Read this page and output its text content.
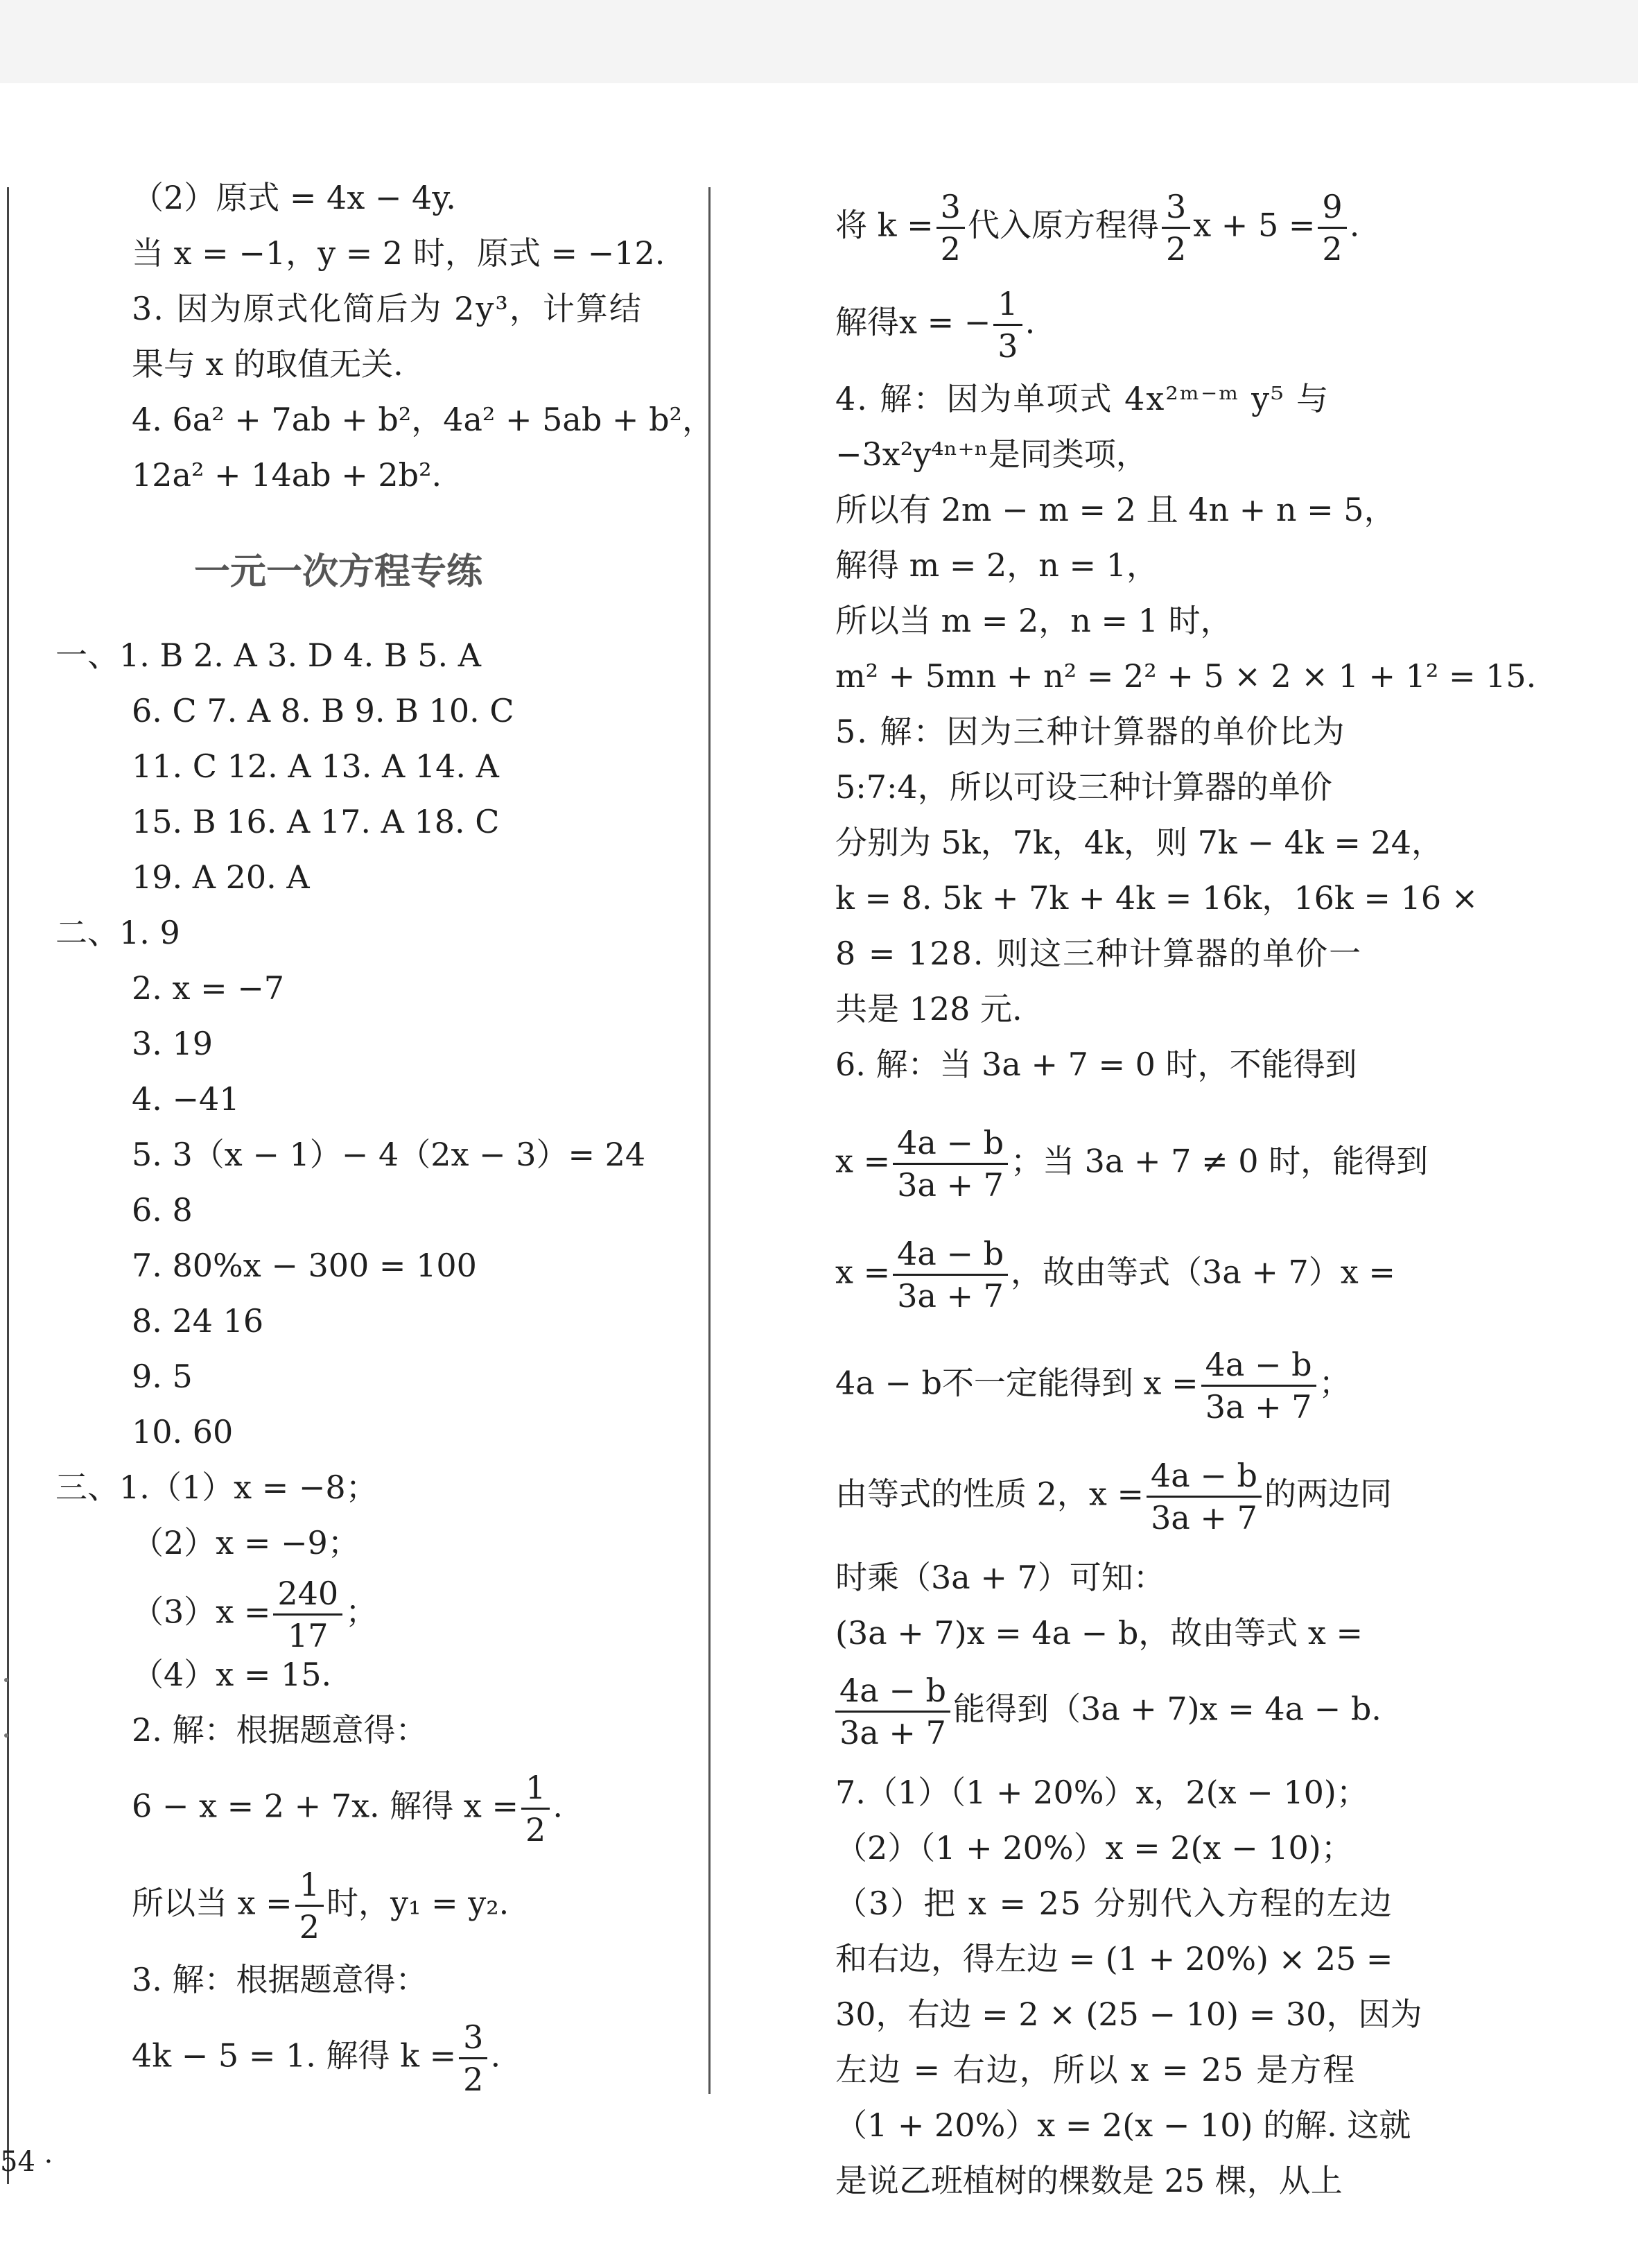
（2）原式 = 4x − 4y.
当 x = −1，y = 2 时，原式 = −12.
3. 因为原式化简后为 2y³，计算结
果与 x 的取值无关.
4. 6a² + 7ab + b²，4a² + 5ab + b²，
12a² + 14ab + 2b².
一元一次方程专练
一、1. B 2. A 3. D 4. B 5. A
6. C 7. A 8. B 9. B 10. C
11. C 12. A 13. A 14. A
15. B 16. A 17. A 18. C
19. A 20. A
二、1. 9
2. x = −7
3. 19
4. −41
5. 3（x − 1）− 4（2x − 3）= 24
6. 8
7. 80%x − 300 = 100
8. 24 16
9. 5
10. 60
三、1.（1）x = −8；
（2）x = −9；
$(3)x = \frac{240}{17}$ ；
（4）x = 15.
2. 解：根据题意得：
6 − x = 2 + 7x. 解得 $x = \frac{1}{2}$ .
所以当 $x = \frac{1}{2}$ 时，y₁ = y₂.
3. 解：根据题意得：
4k − 5 = 1. 解得 $k = \frac{3}{2}$ .
将 $k = \frac{3}{2}$ 代入原方程得 $\frac{3}{2}$ $x + 5 = \frac{9}{2}$ .
解得x = − $\frac{1}{3}$ .
4. 解：因为单项式 4x²ᵐ⁻ᵐ y⁵ 与
−3x²y⁴ⁿ⁺ⁿ是同类项，
所以有 2m − m = 2 且 4n + n = 5，
解得 m = 2，n = 1，
所以当 m = 2，n = 1 时，
m² + 5mn + n² = 2² + 5 × 2 × 1 + 1² = 15.
5. 解：因为三种计算器的单价比为
5:7:4，所以可设三种计算器的单价
分别为 5k，7k，4k，则 7k − 4k = 24，
k = 8. 5k + 7k + 4k = 16k，16k = 16 ×
8 = 128. 则这三种计算器的单价一
共是 128 元.
6. 解：当 3a + 7 = 0 时，不能得到
$x = \frac{4a - b}{3a + 7}$ ；当 3a + 7 ≠ 0 时，能得到
$x = \frac{4a - b}{3a + 7}$ ，故由等式（3a + 7）x =
4a − b不一定能得到 $x = \frac{4a - b}{3a + 7}$ ；
由等式的性质 2，$x = \frac{4a - b}{3a + 7}$ 的两边同
时乘（3a + 7）可知：
(3a + 7)x = 4a − b，故由等式 x =
$\frac{4a - b}{3a + 7}$ 能得到（3a + 7)x = 4a − b.
7.（1）（1 + 20%）x，2(x − 10)；
（2）（1 + 20%）x = 2(x − 10)；
（3）把 x = 25 分别代入方程的左边
和右边，得左边 = (1 + 20%) × 25 =
30，右边 = 2 × (25 − 10) = 30，因为
左边 = 右边，所以 x = 25 是方程
（1 + 20%）x = 2(x − 10) 的解. 这就
是说乙班植树的棵数是 25 棵，从上
54 ·
